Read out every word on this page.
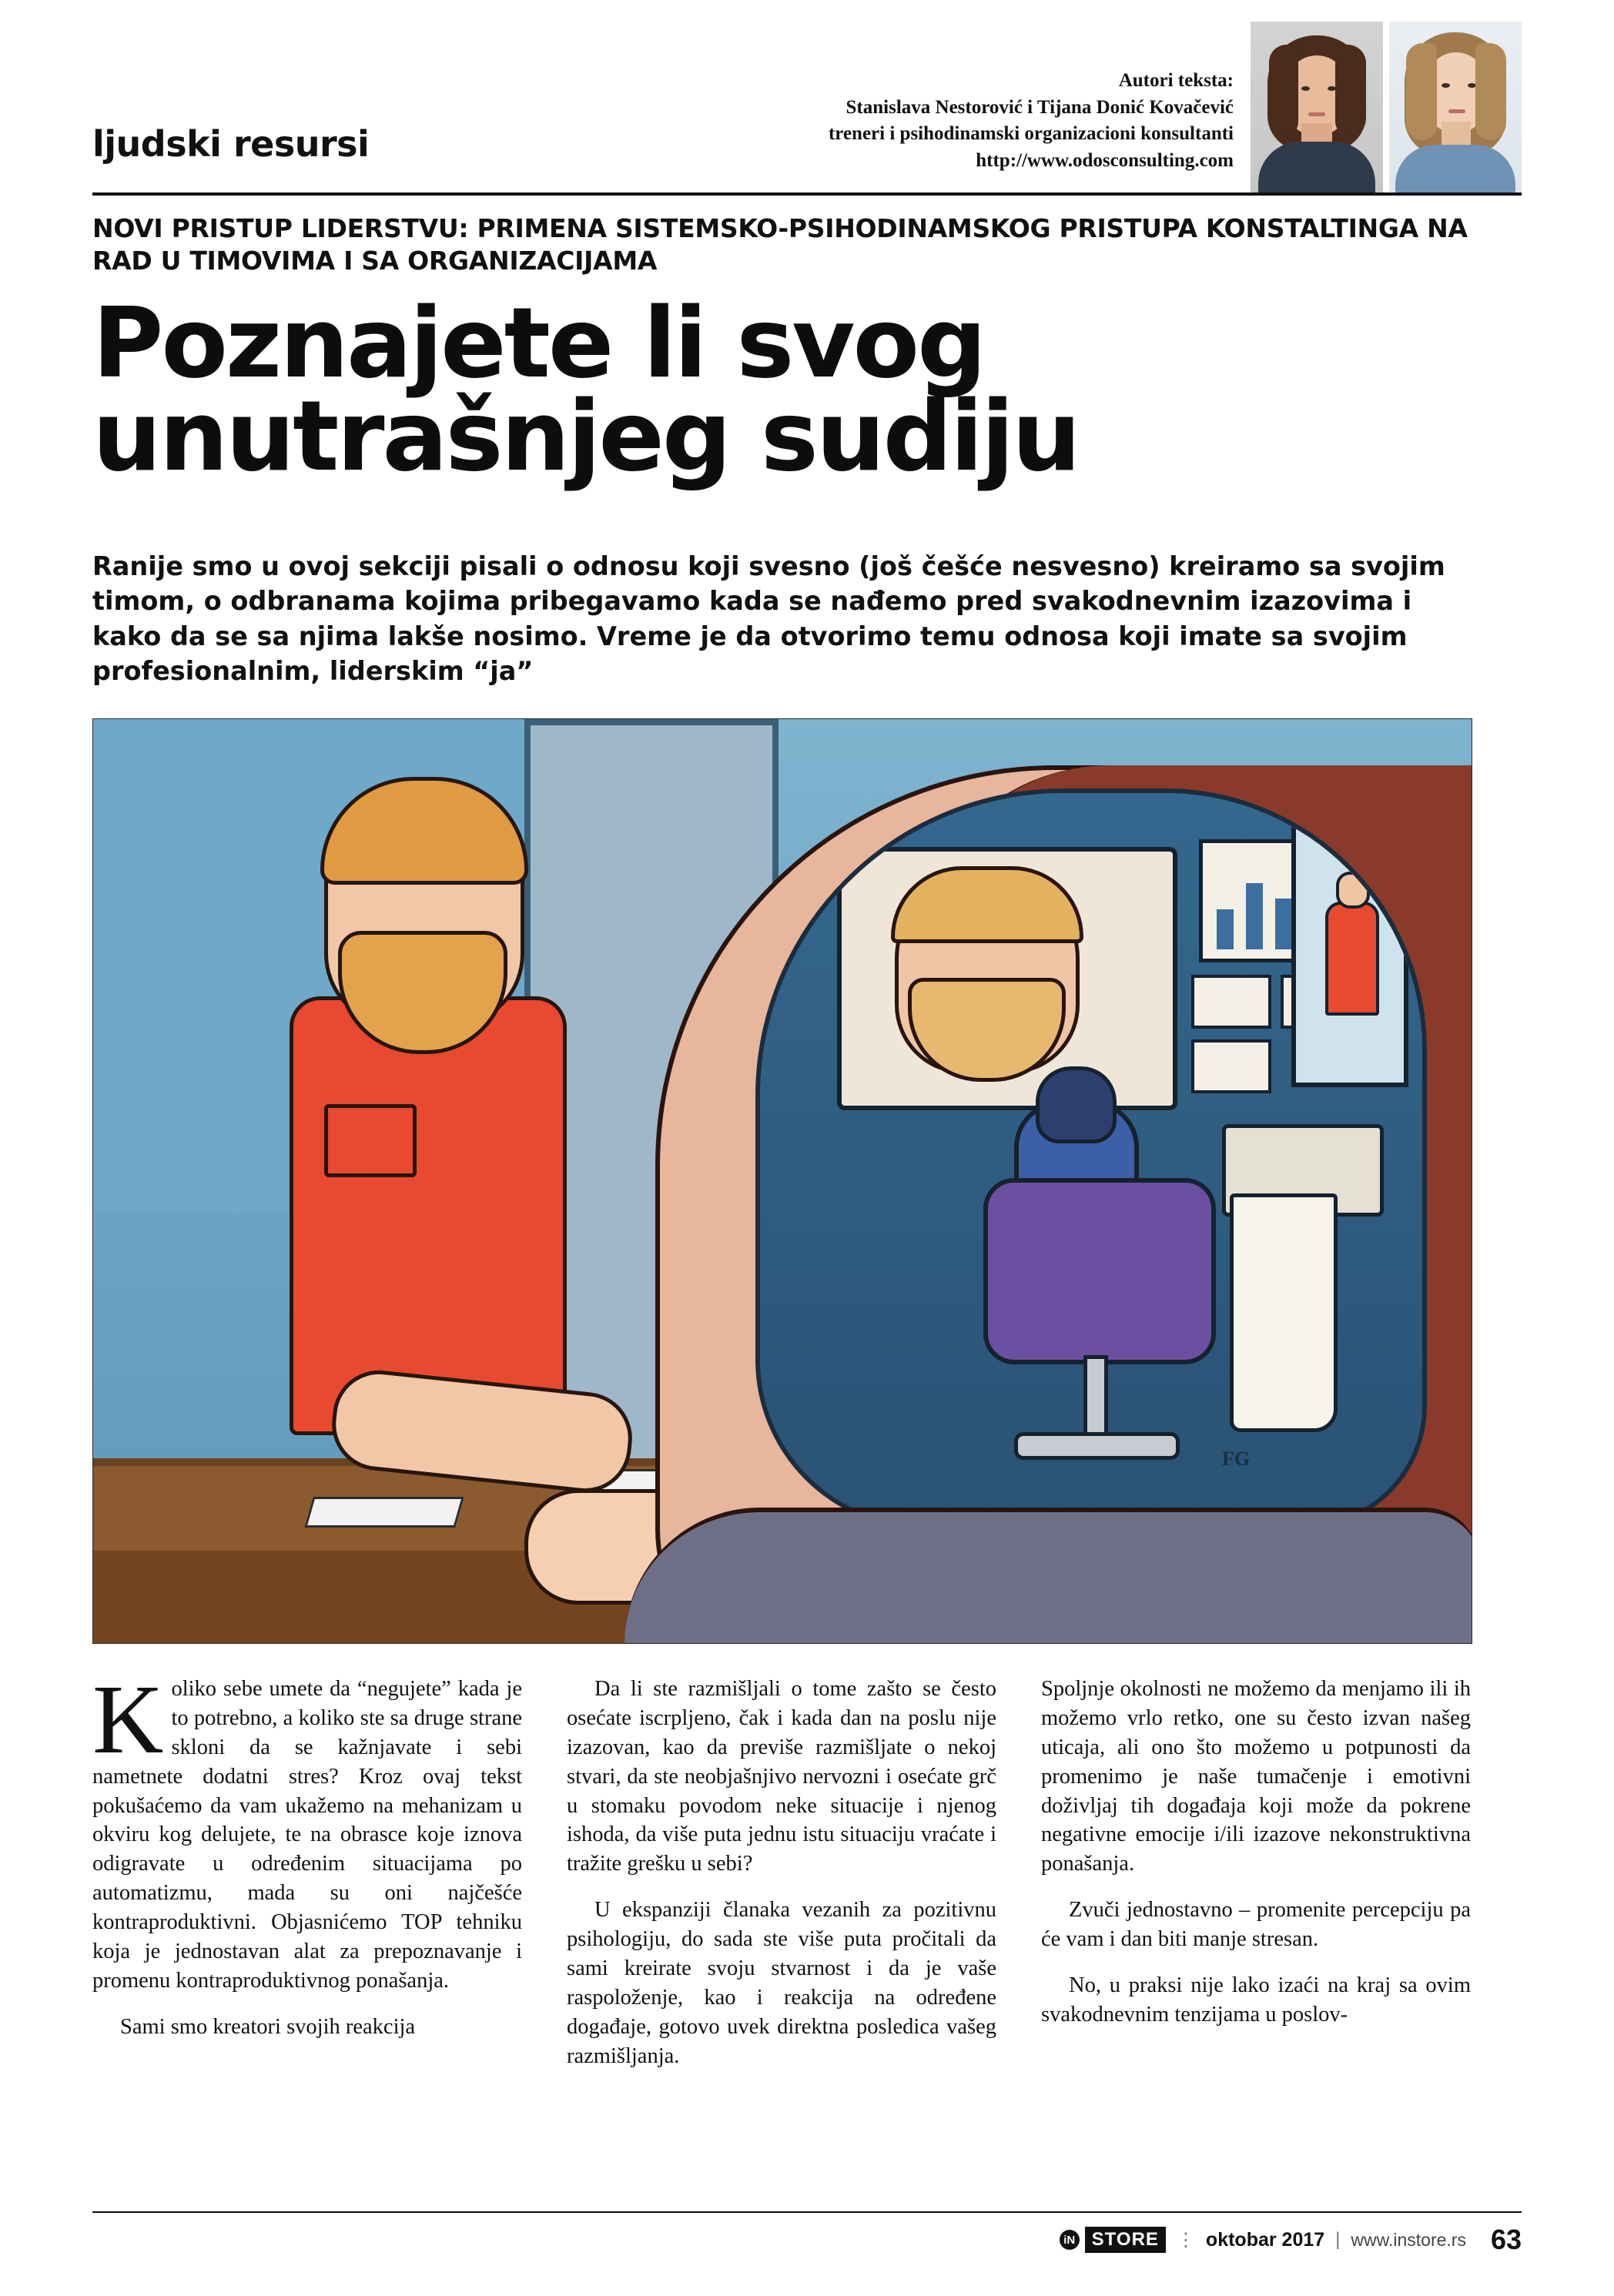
ljudski resursi
Autori teksta:
Stanislava Nestorović i Tijana Donić Kovačević
treneri i psihodinamski organizacioni konsultanti
http://www.odosconsulting.com
NOVI PRISTUP LIDERSTVU: PRIMENA SISTEMSKO-PSIHODINAMSKOG PRISTUPA KONSTALTINGA NA RAD U TIMOVIMA I SA ORGANIZACIJAMA
Poznajete li svog
unutrašnjeg sudiju
Ranije smo u ovoj sekciji pisali o odnosu koji svesno (još češće nesvesno) kreiramo sa svojim timom, o odbranama kojima pribegavamo kada se nađemo pred svakodnevnim izazovima i kako da se sa njima lakše nosimo. Vreme je da otvorimo temu odnosa koji imate sa svojim profesionalnim, liderskim “ja”
FG

Koliko sebe umete da “negujete” kada je to potrebno, a koliko ste sa druge strane skloni da se kažnjavate i sebi nametnete dodatni stres? Kroz ovaj tekst pokušaćemo da vam ukažemo na mehanizam u okviru kog delujete, te na obrasce koje iznova odigravate u određenim situacijama po automatizmu, mada su oni najčešće kontraproduktivni. Objasnićemo TOP tehniku koja je jednostavan alat za prepoznavanje i promenu kontraproduktivnog ponašanja.

Sami smo kreatori svojih reakcija

Da li ste razmišljali o tome zašto se često osećate iscrpljeno, čak i kada dan na poslu nije izazovan, kao da previše razmišljate o nekoj stvari, da ste neobjašnjivo nervozni i osećate grč u stomaku povodom neke situacije i njenog ishoda, da više puta jednu istu situaciju vraćate i tražite grešku u sebi?

U ekspanziji članaka vezanih za pozitivnu psihologiju, do sada ste više puta pročitali da sami kreirate svoju stvarnost i da je vaše raspoloženje, kao i reakcija na određene događaje, gotovo uvek direktna posledica vašeg razmišljanja.

Spoljnje okolnosti ne možemo da menjamo ili ih možemo vrlo retko, one su često izvan našeg uticaja, ali ono što možemo u potpunosti da promenimo je naše tumačenje i emotivni doživljaj tih događaja koji može da pokrene negativne emocije i/ili izazove nekonstruktivna ponašanja.

Zvuči jednostavno – promenite percepciju pa će vam i dan biti manje stresan.

No, u praksi nije lako izaći na kraj sa ovim svakodnevnim tenzijama u poslov-

iN STORE ⋮ oktobar 2017 | www.instore.rs 63
